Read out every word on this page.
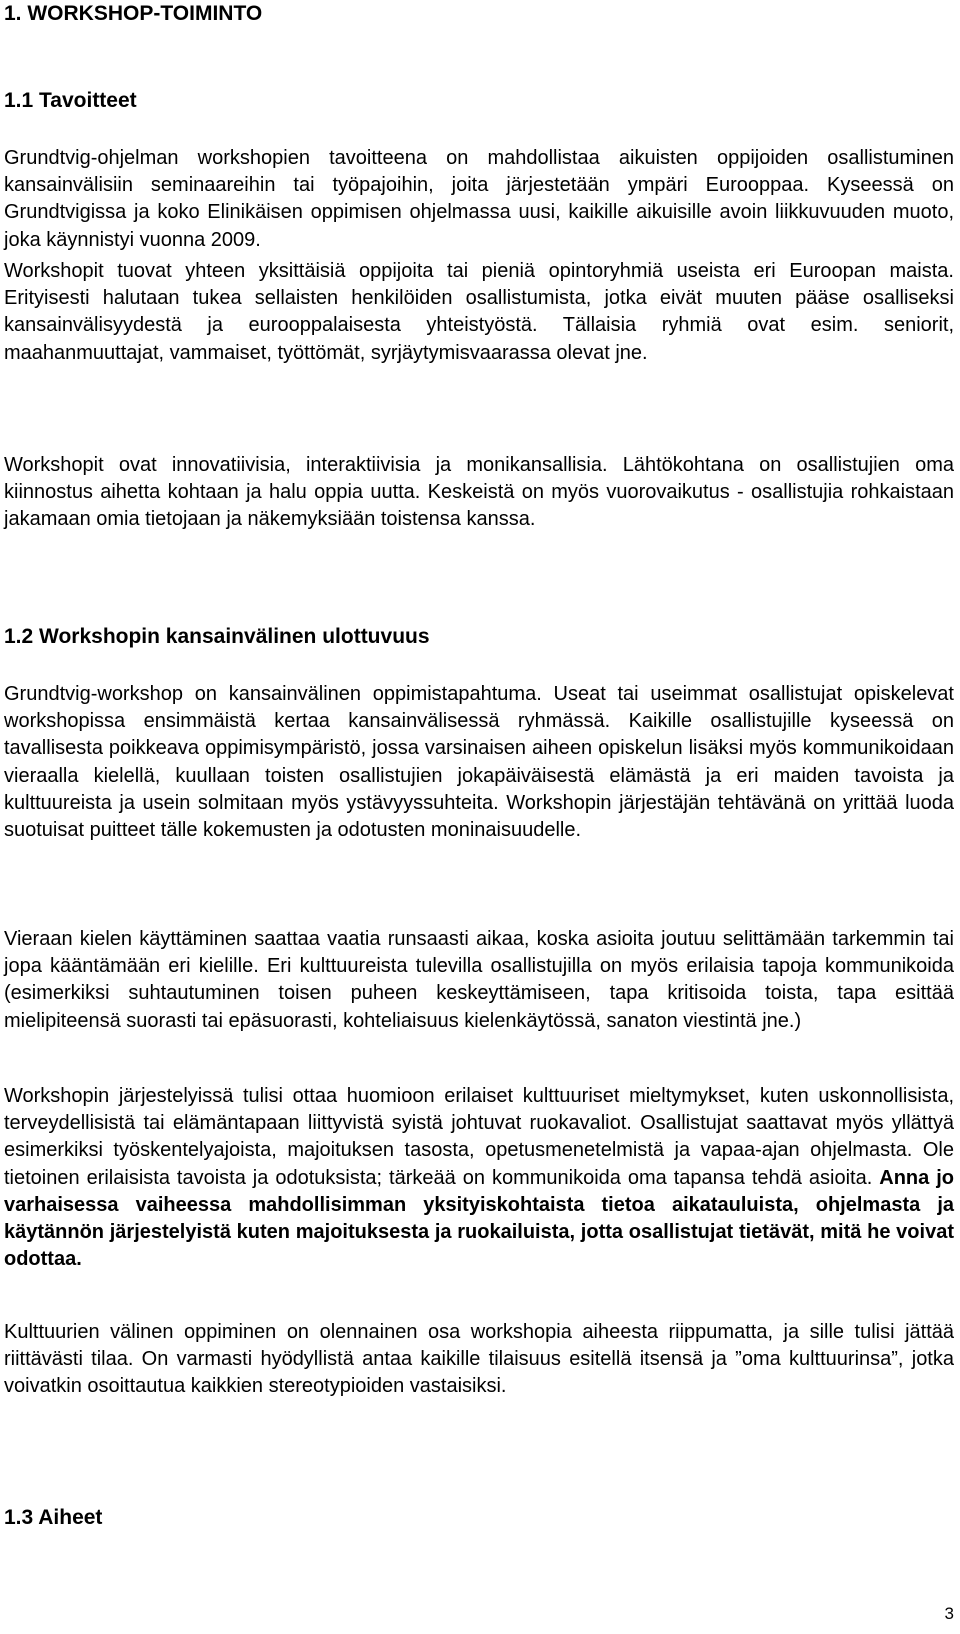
1. WORKSHOP-TOIMINTO
1.1 Tavoitteet

Grundtvig-ohjelman workshopien tavoitteena on mahdollistaa aikuisten oppijoiden osallistuminen kansainvälisiin seminaareihin tai työpajoihin, joita järjestetään ympäri Eurooppaa. Kyseessä on Grundtvigissa ja koko Elinikäisen oppimisen ohjelmassa uusi, kaikille aikuisille avoin liikkuvuuden muoto, joka käynnistyi vuonna 2009.

Workshopit tuovat yhteen yksittäisiä oppijoita tai pieniä opintoryhmiä useista eri Euroopan maista. Erityisesti halutaan tukea sellaisten henkilöiden osallistumista, jotka eivät muuten pääse osalliseksi kansainvälisyydestä ja eurooppalaisesta yhteistyöstä. Tällaisia ryhmiä ovat esim. seniorit, maahanmuuttajat, vammaiset, työttömät, syrjäytymisvaarassa olevat jne.

Workshopit ovat innovatiivisia, interaktiivisia ja monikansallisia. Lähtökohtana on osallistujien oma kiinnostus aihetta kohtaan ja halu oppia uutta. Keskeistä on myös vuorovaikutus - osallistujia rohkaistaan jakamaan omia tietojaan ja näkemyksiään toistensa kanssa.

1.2 Workshopin kansainvälinen ulottuvuus

Grundtvig-workshop on kansainvälinen oppimistapahtuma. Useat tai useimmat osallistujat opiskelevat workshopissa ensimmäistä kertaa kansainvälisessä ryhmässä. Kaikille osallistujille kyseessä on tavallisesta poikkeava oppimisympäristö, jossa varsinaisen aiheen opiskelun lisäksi myös kommunikoidaan vieraalla kielellä, kuullaan toisten osallistujien jokapäiväisestä elämästä ja eri maiden tavoista ja kulttuureista ja usein solmitaan myös ystävyyssuhteita. Workshopin järjestäjän tehtävänä on yrittää luoda suotuisat puitteet tälle kokemusten ja odotusten moninaisuudelle.

Vieraan kielen käyttäminen saattaa vaatia runsaasti aikaa, koska asioita joutuu selittämään tarkemmin tai jopa kääntämään eri kielille. Eri kulttuureista tulevilla osallistujilla on myös erilaisia tapoja kommunikoida (esimerkiksi suhtautuminen toisen puheen keskeyttämiseen, tapa kritisoida toista, tapa esittää mielipiteensä suorasti tai epäsuorasti, kohteliaisuus kielenkäytössä, sanaton viestintä jne.)

Workshopin järjestelyissä tulisi ottaa huomioon erilaiset kulttuuriset mieltymykset, kuten uskonnollisista, terveydellisistä tai elämäntapaan liittyvistä syistä johtuvat ruokavaliot. Osallistujat saattavat myös yllättyä esimerkiksi työskentelyajoista, majoituksen tasosta, opetusmenetelmistä ja vapaa-ajan ohjelmasta. Ole tietoinen erilaisista tavoista ja odotuksista; tärkeää on kommunikoida oma tapansa tehdä asioita. Anna jo varhaisessa vaiheessa mahdollisimman yksityiskohtaista tietoa aikatauluista, ohjelmasta ja käytännön järjestelyistä kuten majoituksesta ja ruokailuista, jotta osallistujat tietävät, mitä he voivat odottaa.

Kulttuurien välinen oppiminen on olennainen osa workshopia aiheesta riippumatta, ja sille tulisi jättää riittävästi tilaa. On varmasti hyödyllistä antaa kaikille tilaisuus esitellä itsensä ja ”oma kulttuurinsa”, jotka voivatkin osoittautua kaikkien stereotypioiden vastaisiksi.

1.3 Aiheet
3
